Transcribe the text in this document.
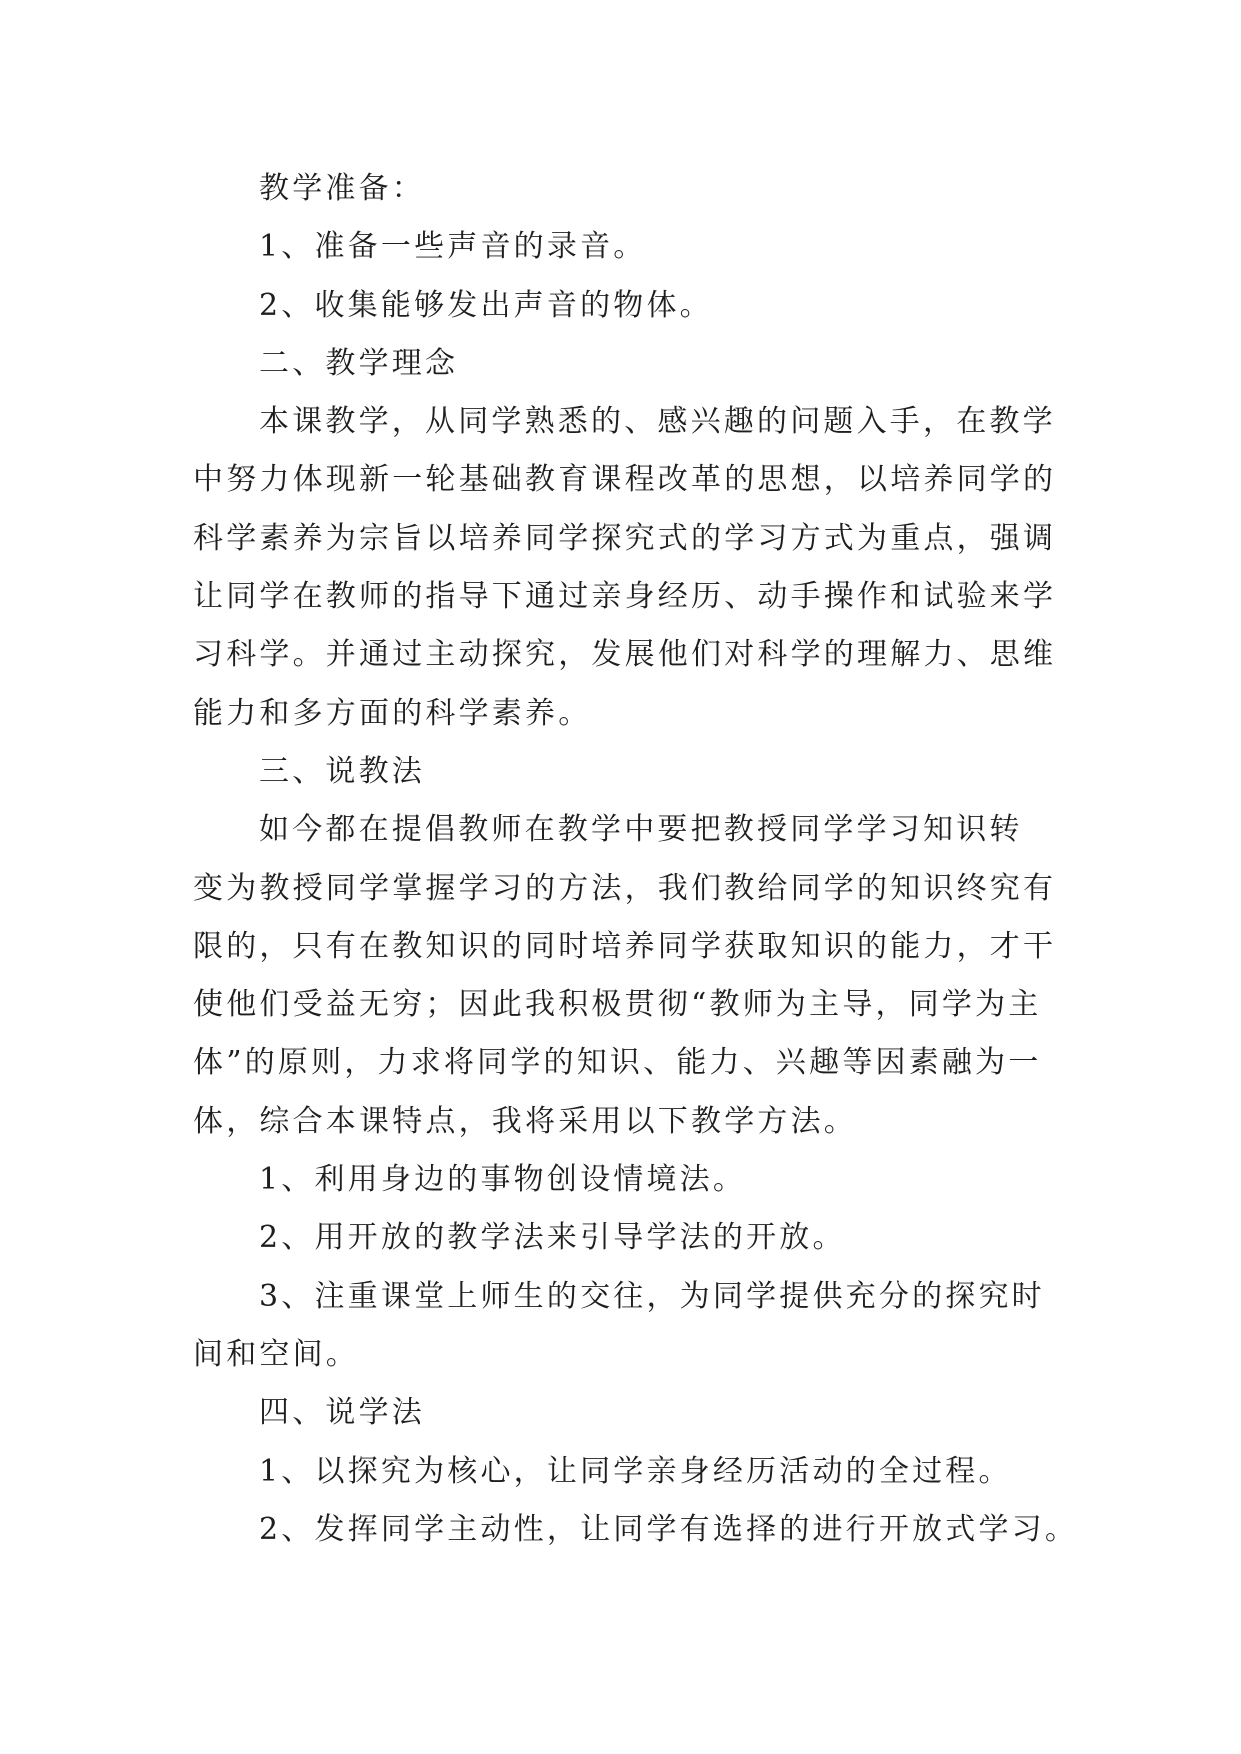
教学准备：
1、准备一些声音的录音。
2、收集能够发出声音的物体。
二、教学理念
本课教学，从同学熟悉的、感兴趣的问题入手，在教学
中努力体现新一轮基础教育课程改革的思想，以培养同学的
科学素养为宗旨以培养同学探究式的学习方式为重点，强调
让同学在教师的指导下通过亲身经历、动手操作和试验来学
习科学。并通过主动探究，发展他们对科学的理解力、思维
能力和多方面的科学素养。
三、说教法
如今都在提倡教师在教学中要把教授同学学习知识转
变为教授同学掌握学习的方法，我们教给同学的知识终究有
限的，只有在教知识的同时培养同学获取知识的能力，才干
使他们受益无穷；因此我积极贯彻“教师为主导，同学为主
体”的原则，力求将同学的知识、能力、兴趣等因素融为一
体，综合本课特点，我将采用以下教学方法。
1、利用身边的事物创设情境法。
2、用开放的教学法来引导学法的开放。
3、注重课堂上师生的交往，为同学提供充分的探究时
间和空间。
四、说学法
1、以探究为核心，让同学亲身经历活动的全过程。
2、发挥同学主动性，让同学有选择的进行开放式学习。
